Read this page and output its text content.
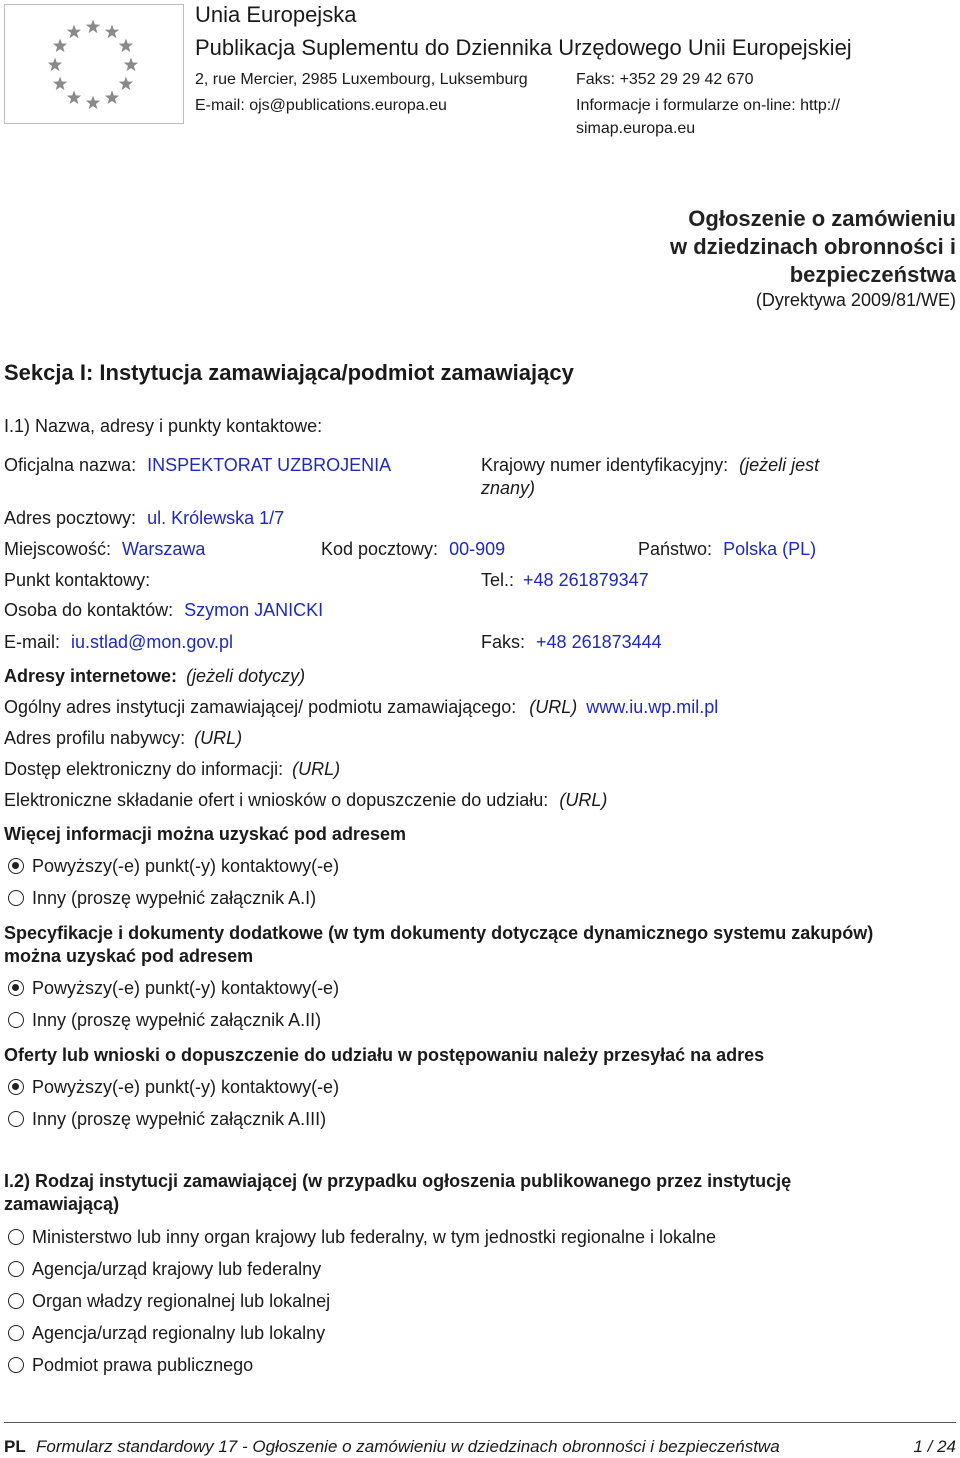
Unia Europejska
Publikacja Suplementu do Dziennika Urzędowego Unii Europejskiej
2, rue Mercier, 2985 Luxembourg, Luksemburg	Faks: +352 29 29 42 670
E-mail: ojs@publications.europa.eu	Informacje i formularze on-line: http://
simap.europa.eu
Ogłoszenie o zamówieniu
w dziedzinach obronności i
bezpieczeństwa
(Dyrektywa 2009/81/WE)
Sekcja I: Instytucja zamawiająca/podmiot zamawiający
I.1) Nazwa, adresy i punkty kontaktowe:
Oficjalna nazwa: INSPEKTORAT UZBROJENIA	Krajowy numer identyfikacyjny: (jeżeli jest
znany)
Adres pocztowy: ul. Królewska 1/7
Miejscowość: Warszawa	Kod pocztowy: 00-909	Państwo: Polska (PL)
Punkt kontaktowy:	Tel.: +48 261879347
Osoba do kontaktów: Szymon JANICKI
E-mail: iu.stlad@mon.gov.pl	Faks: +48 261873444
Adresy internetowe: (jeżeli dotyczy)
Ogólny adres instytucji zamawiającej/ podmiotu zamawiającego: (URL) www.iu.wp.mil.pl
Adres profilu nabywcy: (URL)
Dostęp elektroniczny do informacji: (URL)
Elektroniczne składanie ofert i wniosków o dopuszczenie do udziału: (URL)
Więcej informacji można uzyskać pod adresem
Powyższy(-e) punkt(-y) kontaktowy(-e)
Inny (proszę wypełnić załącznik A.I)
Specyfikacje i dokumenty dodatkowe (w tym dokumenty dotyczące dynamicznego systemu zakupów)
można uzyskać pod adresem
Powyższy(-e) punkt(-y) kontaktowy(-e)
Inny (proszę wypełnić załącznik A.II)
Oferty lub wnioski o dopuszczenie do udziału w postępowaniu należy przesyłać na adres
Powyższy(-e) punkt(-y) kontaktowy(-e)
Inny (proszę wypełnić załącznik A.III)
I.2) Rodzaj instytucji zamawiającej (w przypadku ogłoszenia publikowanego przez instytucję
zamawiającą)
Ministerstwo lub inny organ krajowy lub federalny, w tym jednostki regionalne i lokalne
Agencja/urząd krajowy lub federalny
Organ władzy regionalnej lub lokalnej
Agencja/urząd regionalny lub lokalny
Podmiot prawa publicznego
PL Formularz standardowy 17 - Ogłoszenie o zamówieniu w dziedzinach obronności i bezpieczeństwa	1 / 24
